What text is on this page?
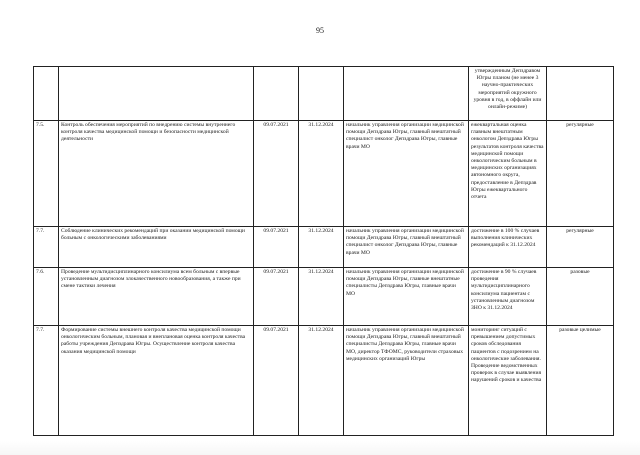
95
					утвержденным Депздравом Югры планом (не менее 3 научно-практических мероприятий окружного уровня в год, в оффлайн или онлайн-режиме)	
7.5.	Контроль обеспечения мероприятий по внедрению системы внутреннего контроля качества медицинской помощи и безопасности медицинской деятельности	09.07.2021	31.12.2024	начальник управления организации медицинской помощи Депздрава Югры, главный внештатный специалист онколог Депздрава Югры, главные врачи МО	ежеквартальная оценка главным внештатным онкологом Депздрава Югры результатов контроля качества медицинской помощи онкологическим больным в медицинских организациях автономного округа, предоставление в Депздрав Югры ежеквартального отчета	регулярные
7.7.	Соблюдение клинических рекомендаций при оказании медицинской помощи больным с онкологическими заболеваниями	09.07.2021	31.12.2024	начальник управления организации медицинской помощи Депздрава Югры, главный внештатный специалист онколог Депздрава Югры, главные врачи МО	достижение в 100 % случаев выполнения клинических рекомендаций к 31.12.2024	регулярные
7.6.	Проведение мультидисциплинарного консилиума всем больным с впервые установленным диагнозом злокачественного новообразования, а также при смене тактики лечения	09.07.2021	31.12.2024	начальник управления организации медицинской помощи Депздрава Югры, главные внештатные специалисты Депздрава Югры, главные врачи МО	достижение в 90 % случаев проведения мультидисциплинарного консилиума пациентам с установленным диагнозом ЗНО к 31.12.2024	разовые
7.7.	Формирование системы внешнего контроля качества медицинской помощи онкологическим больным, плановая и внеплановая оценка контроля качества работы учреждения Депздрава Югры. Осуществление контроля качества оказания медицинской помощи	09.07.2021	31.12.2024	начальник управления организации медицинской помощи Депздрава Югры, главный внештатный специалисты Депздрава Югры, главные врачи МО, директор ТФОМС, руководители страховых медицинских организаций Югры	мониторинг ситуаций с превышением допустимых сроков обследования пациентов с подозрением на онкологические заболевания. Проведение ведомственных проверок в случае выявления нарушений сроков и качества	разовые целимые
